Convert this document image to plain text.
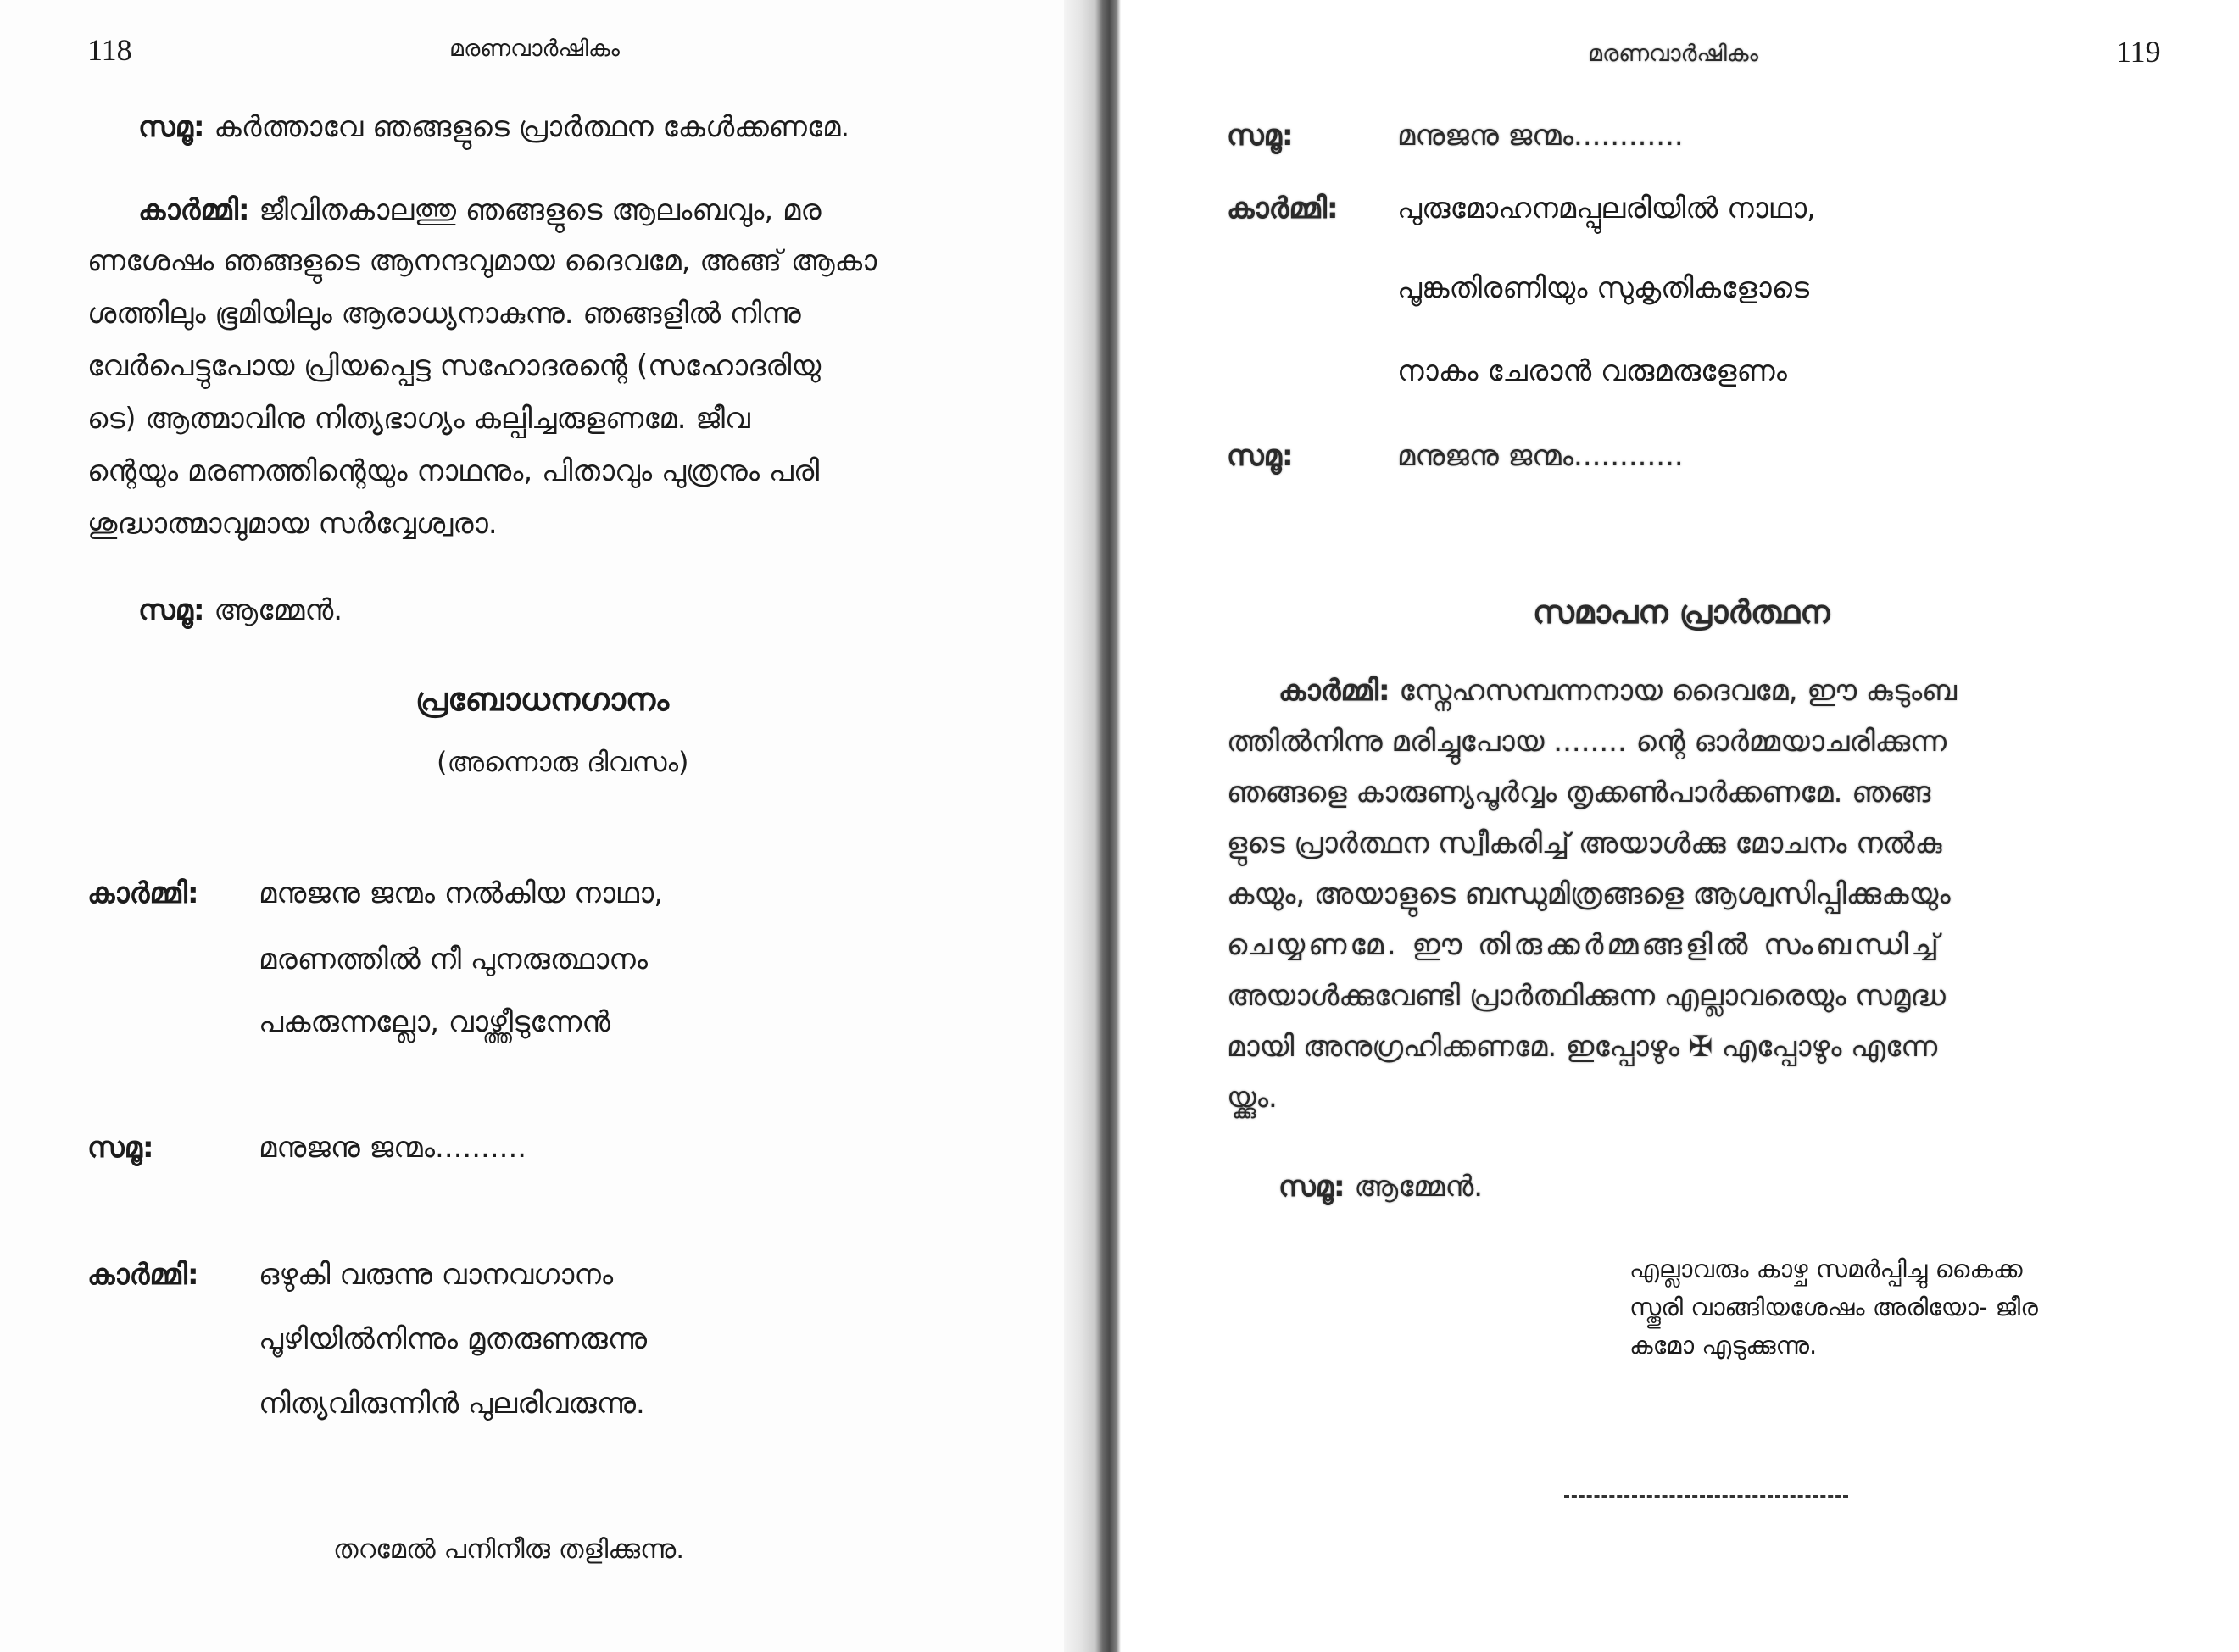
118	മരണവാർഷികം
സമൂ: കർത്താവേ ഞങ്ങളുടെ പ്രാർത്ഥന കേൾക്കണമേ.
കാർമ്മി: ജീവിതകാലത്തു ഞങ്ങളുടെ ആലംബവും, മര
ണശേഷം ഞങ്ങളുടെ ആനന്ദവുമായ ദൈവമേ, അങ്ങ് ആകാ
ശത്തിലും ഭൂമിയിലും ആരാധ്യനാകുന്നു. ഞങ്ങളിൽ നിന്നു
വേർപെട്ടുപോയ പ്രിയപ്പെട്ട സഹോദരന്റെ (സഹോദരിയു
ടെ) ആത്മാവിനു നിത്യഭാഗ്യം കല്പിച്ചരുളണമേ. ജീവ
ന്റെയും മരണത്തിന്റെയും നാഥനും, പിതാവും പുത്രനും പരി
ശുദ്ധാത്മാവുമായ സർവ്വേശ്വരാ.
സമൂ: ആമ്മേൻ.
പ്രബോധനഗാനം
(അന്നൊരു ദിവസം)
കാർമ്മി: മനുജനു ജന്മം നൽകിയ നാഥാ,
മരണത്തിൽ നീ പുനരുത്ഥാനം
പകരുന്നല്ലോ, വാഴ്ത്തീടുന്നേൻ
സമൂ:	മനുജനു ജന്മം..........
കാർമ്മി: ഒഴുകി വരുന്നു വാനവഗാനം
പൂഴിയിൽനിന്നും മൃതരുണരുന്നു
നിത്യവിരുന്നിൻ പുലരിവരുന്നു.
തറമേൽ പനിനീരു തളിക്കുന്നു.
മരണവാർഷികം	119
സമൂ:	മനുജനു ജന്മം............
കാർമ്മി: പുരുമോഹനമപ്പുലരിയിൽ നാഥാ,
പൂങ്കതിരണിയും സുകൃതികളോടെ
നാകം ചേരാൻ വരുമരുളേണം
സമൂ:	മനുജനു ജന്മം............
സമാപന പ്രാർത്ഥന
കാർമ്മി: സ്നേഹസമ്പന്നനായ ദൈവമേ, ഈ കുടുംബ
ത്തിൽനിന്നു മരിച്ചുപോയ ........ ന്റെ ഓർമ്മയാചരിക്കുന്ന
ഞങ്ങളെ കാരുണ്യപൂർവ്വം തൃക്കൺപാർക്കണമേ. ഞങ്ങ
ളുടെ പ്രാർത്ഥന സ്വീകരിച്ച് അയാൾക്കു മോചനം നൽകു
കയും, അയാളുടെ ബന്ധുമിത്രങ്ങളെ ആശ്വസിപ്പിക്കുകയും
ചെയ്യണമേ. ഈ തിരുക്കർമ്മങ്ങളിൽ സംബന്ധിച്ച്
അയാൾക്കുവേണ്ടി പ്രാർത്ഥിക്കുന്ന എല്ലാവരെയും സമൃദ്ധ
മായി അനുഗ്രഹിക്കണമേ. ഇപ്പോഴും ✠ എപ്പോഴും എന്നേ
യ്ക്കും.
സമൂ: ആമ്മേൻ.
എല്ലാവരും കാഴ്ച സമർപ്പിച്ചു കൈക്ക
സ്തൂരി വാങ്ങിയശേഷം അരിയോ- ജീര
കമോ എടുക്കുന്നു.
